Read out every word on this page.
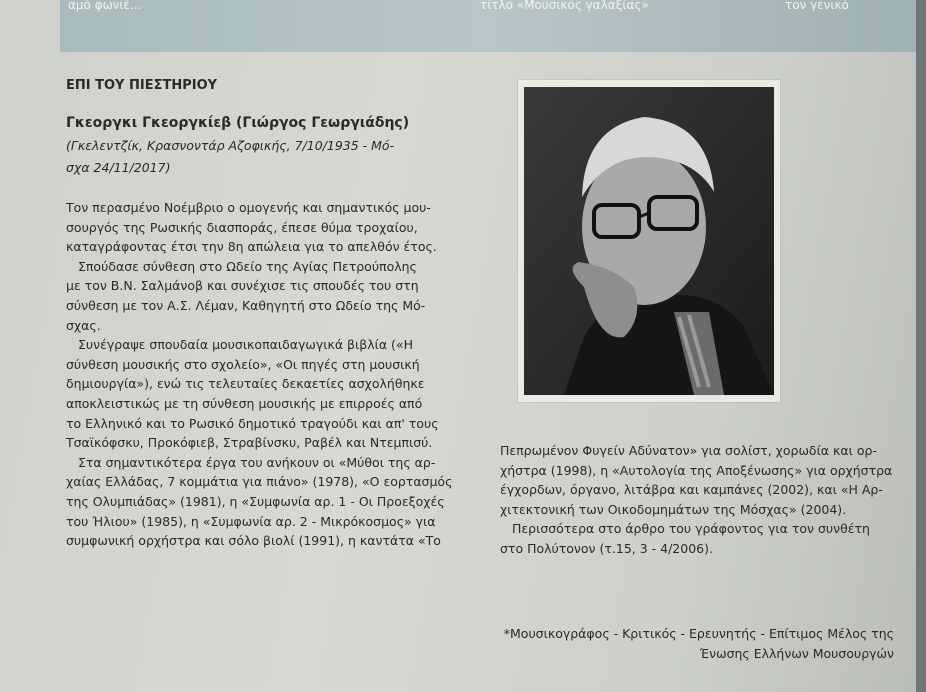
αμό φωνιέ...	τίτλο «Μουσικός γαλαξίας»	τον γενικό
ΕΠΙ ΤΟΥ ΠΙΕΣΤΗΡΙΟΥ
Γκεοργκι Γκεοργκίεβ (Γιώργος Γεωργιάδης)
(Γκελεντζίκ, Κρασνοντάρ Αζοφικής, 7/10/1935 - Μό-
σχα 24/11/2017)

Τον περασμένο Νοέμβριο ο ομογενής και σημαντικός μου-

σουργός της Ρωσικής διασποράς, έπεσε θύμα τροχαίου,

καταγράφοντας έτσι την 8η απώλεια για το απελθόν έτος.

Σπούδασε σύνθεση στο Ωδείο της Αγίας Πετρούπολης

με τον Β.Ν. Σαλμάνοβ και συνέχισε τις σπουδές του στη

σύνθεση με τον Α.Σ. Λέμαν, Καθηγητή στο Ωδείο της Μό-

σχας.

Συνέγραψε σπουδαία μουσικοπαιδαγωγικά βιβλία («Η

σύνθεση μουσικής στο σχολείο», «Οι πηγές στη μουσική

δημιουργία»), ενώ τις τελευταίες δεκαετίες ασχολήθηκε

αποκλειστικώς με τη σύνθεση μουσικής με επιρροές από

το Ελληνικό και το Ρωσικό δημοτικό τραγούδι και απ' τους

Τσαϊκόφσκυ, Προκόφιεβ, Στραβίνσκυ, Ραβέλ και Ντεμπισύ.

Στα σημαντικότερα έργα του ανήκουν οι «Μύθοι της αρ-

χαίας Ελλάδας, 7 κομμάτια για πιάνο» (1978), «Ο εορτασμός

της Ολυμπιάδας» (1981), η «Συμφωνία αρ. 1 - Οι Προεξοχές

του Ήλιου» (1985), η «Συμφωνία αρ. 2 - Μικρόκοσμος» για

συμφωνική ορχήστρα και σόλο βιολί (1991), η καντάτα «Το

Πεπρωμένον Φυγείν Αδύνατον» για σολίστ, χορωδία και ορ-

χήστρα (1998), η «Αυτολογία της Αποξένωσης» για ορχήστρα

έγχορδων, όργανο, λιτάβρα και καμπάνες (2002), και «Η Αρ-

χιτεκτονική των Οικοδομημάτων της Μόσχας» (2004).

Περισσότερα στο άρθρο του γράφοντος για τον συνθέτη

στο Πολύτονον (τ.15, 3 - 4/2006).

*Μουσικογράφος - Κριτικός - Ερευνητής - Επίτιμος Μέλος της

Ένωσης Ελλήνων Μουσουργών
